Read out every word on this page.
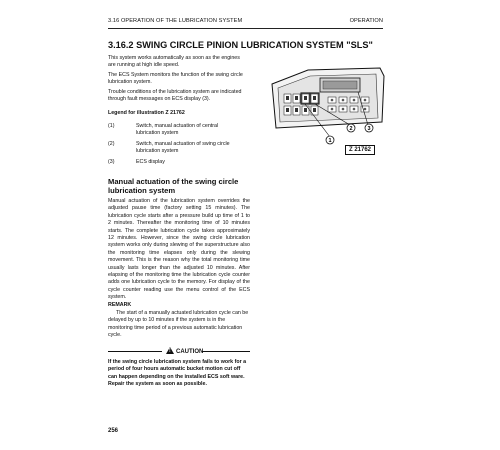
3.16 OPERATION OF THE LUBRICATION SYSTEM	OPERATION
3.16.2 SWING CIRCLE PINION LUBRICATION SYSTEM "SLS"
This system works automatically as soon as the engines are running at high idle speed.
The ECS System monitors the function of the swing circle lubrication system.
Trouble conditions of the lubrication system are indicated through fault messages on ECS display (3).
Legend for illustration Z 21762
(1)	Switch, manual actuation of central lubrication system
(2)	Switch, manual actuation of swing circle lubrication system
(3)	ECS display
Manual actuation of the swing circle lubrication system
Manual actuation of the lubrication system overrides the adjusted pause time (factory setting 15 minutes). The lubrication cycle starts after a pressure build up time of 1 to 2 minutes. Thereafter the monitoring time of 10 minutes starts. The complete lubrication cycle takes approximately 12 minutes. However, since the swing circle lubrication system works only during slewing of the superstructure also the monitoring time elapses only during the slewing movement. This is the reason why the total monitoring time usually lasts longer than the adjusted 10 minutes. After elapsing of the monitoring time the lubrication cycle counter adds one lubrication cycle to the memory. For display of the cycle counter reading use the menu control of the ECS system.
REMARK
The start of a manually actuated lubrication cycle can be delayed by up to 10 minutes if the system is in the monitoring time period of a previous automatic lubrication cycle.
! CAUTION
If the swing circle lubrication system fails to work for a period of four hours automatic bucket motion cut off can happen depending on the installed ECS soft ware. Repair the system as soon as possible.
256
1
2	3
Z 21762
